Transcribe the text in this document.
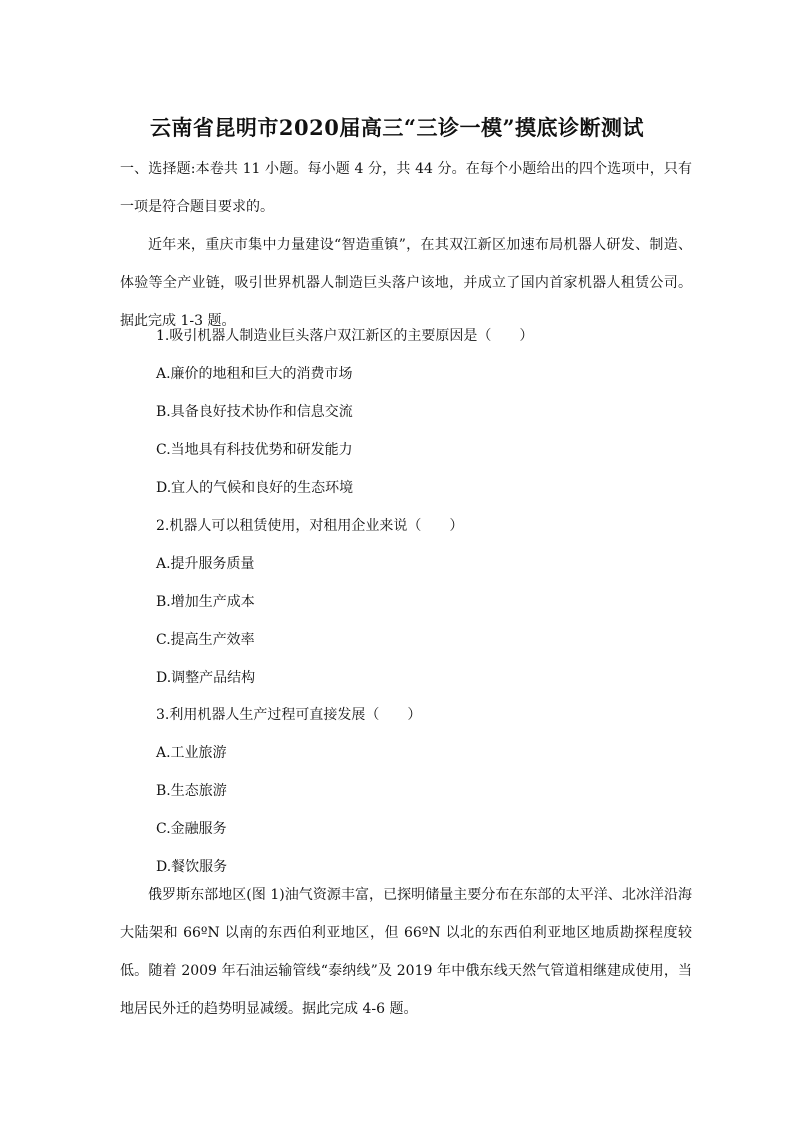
云南省昆明市2020届高三“三诊一模”摸底诊断测试
一、选择题:本卷共 11 小题。每小题 4 分，共 44 分。在每个小题给出的四个选项中，只有一项是符合题目要求的。
近年来，重庆市集中力量建设“智造重镇”，在其双江新区加速布局机器人研发、制造、体验等全产业链，吸引世界机器人制造巨头落户该地，并成立了国内首家机器人租赁公司。据此完成 1-3 题。
1.吸引机器人制造业巨头落户双江新区的主要原因是（　　）
A.廉价的地租和巨大的消费市场
B.具备良好技术协作和信息交流
C.当地具有科技优势和研发能力
D.宜人的气候和良好的生态环境
2.机器人可以租赁使用，对租用企业来说（　　）
A.提升服务质量
B.增加生产成本
C.提高生产效率
D.调整产品结构
3.利用机器人生产过程可直接发展（　　）
A.工业旅游
B.生态旅游
C.金融服务
D.餐饮服务
俄罗斯东部地区(图 1)油气资源丰富，已探明储量主要分布在东部的太平洋、北冰洋沿海大陆架和 66ºN 以南的东西伯利亚地区，但 66ºN 以北的东西伯利亚地区地质勘探程度较低。随着 2009 年石油运输管线“泰纳线”及 2019 年中俄东线天然气管道相继建成使用，当地居民外迁的趋势明显减缓。据此完成 4-6 题。
